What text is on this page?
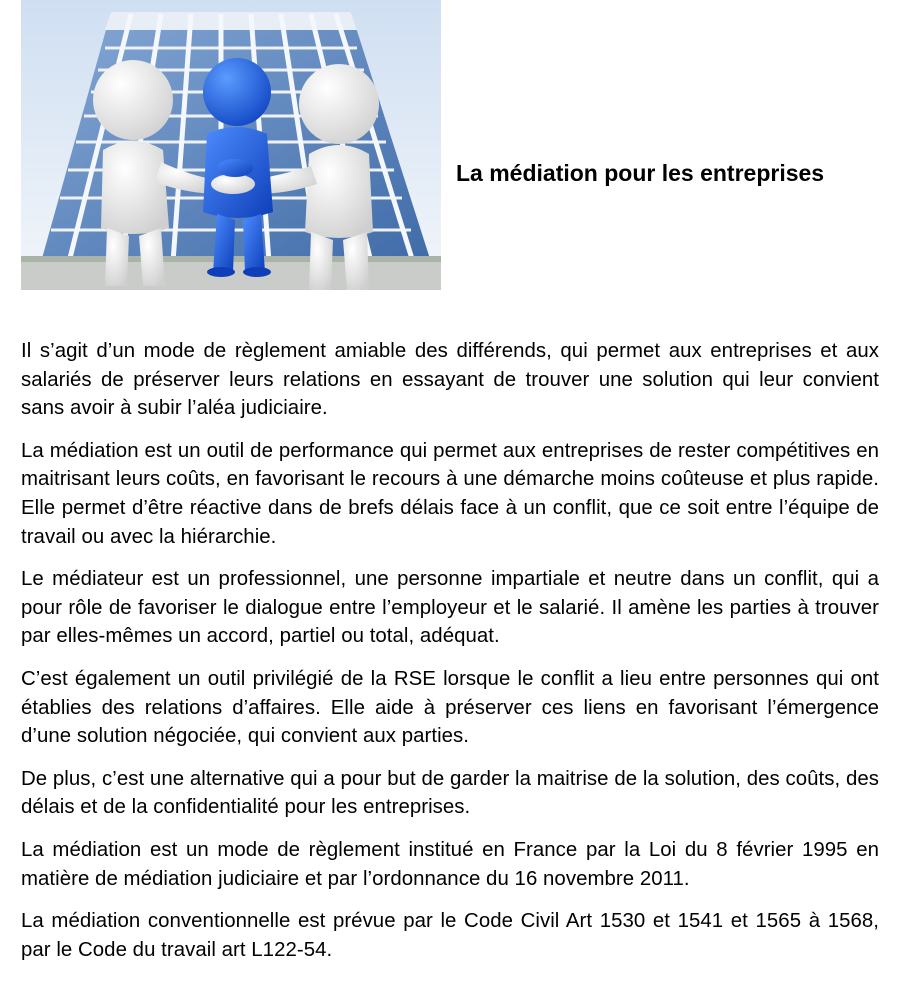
La médiation pour les entreprises

Il s’agit d’un mode de règlement amiable des différends, qui permet aux entreprises et aux salariés de préserver leurs relations en essayant de trouver une solution qui leur convient sans avoir à subir l’aléa judiciaire.

La médiation est un outil de performance qui permet aux entreprises de rester compétitives en maitrisant leurs coûts, en favorisant le recours à une démarche moins coûteuse et plus rapide. Elle permet d’être réactive dans de brefs délais face à un conflit, que ce soit entre l’équipe de travail ou avec la hiérarchie.

Le médiateur est un professionnel, une personne impartiale et neutre dans un conflit, qui a pour rôle de favoriser le dialogue entre l’employeur et le salarié. Il amène les parties à trouver par elles-mêmes un accord, partiel ou total, adéquat.

C’est également un outil privilégié de la RSE lorsque le conflit a lieu entre personnes qui ont établies des relations d’affaires. Elle aide à préserver ces liens en favorisant l’émergence d’une solution négociée, qui convient aux parties.

De plus, c’est une alternative qui a pour but de garder la maitrise de la solution, des coûts, des délais et de la confidentialité pour les entreprises.

La médiation est un mode de règlement institué en France par la Loi du 8 février 1995 en matière de médiation judiciaire et par l’ordonnance du 16 novembre 2011.

La médiation conventionnelle est prévue par le Code Civil Art 1530 et 1541 et 1565 à 1568, par le Code du travail art L122-54.
